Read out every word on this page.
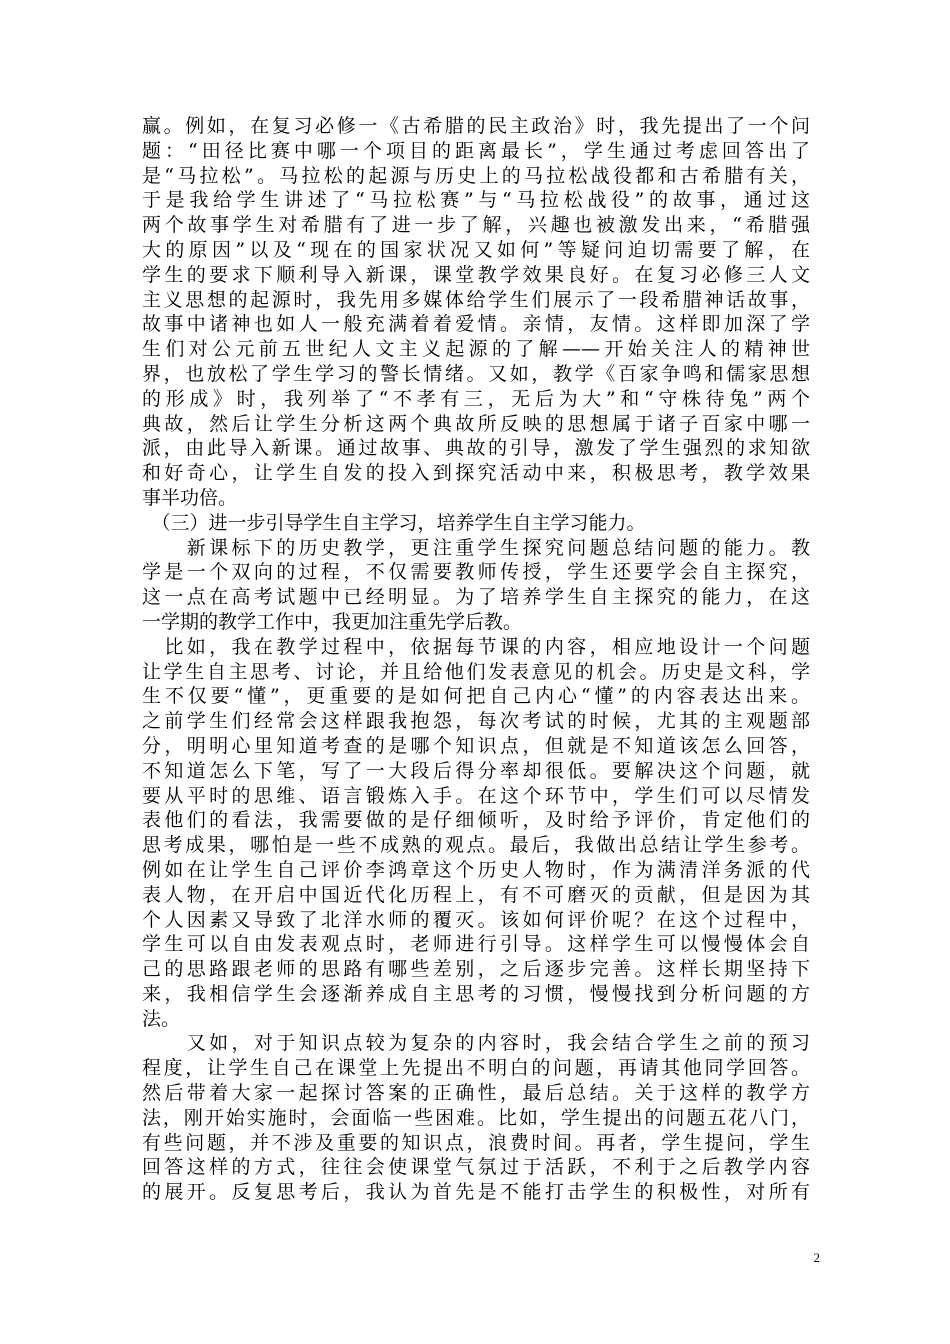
赢。例如，在复习必修一《古希腊的民主政治》时，我先提出了一个问
题：“田径比赛中哪一个项目的距离最长”，学生通过考虑回答出了
是“马拉松”。马拉松的起源与历史上的马拉松战役都和古希腊有关，
于是我给学生讲述了“马拉松赛”与“马拉松战役”的故事，通过这
两个故事学生对希腊有了进一步了解，兴趣也被激发出来，“希腊强
大的原因”以及“现在的国家状况又如何”等疑问迫切需要了解，在
学生的要求下顺利导入新课，课堂教学效果良好。在复习必修三人文
主义思想的起源时，我先用多媒体给学生们展示了一段希腊神话故事，
故事中诸神也如人一般充满着着爱情。亲情，友情。这样即加深了学
生们对公元前五世纪人文主义起源的了解——开始关注人的精神世
界，也放松了学生学习的警长情绪。又如，教学《百家争鸣和儒家思想
的形成》时，我列举了“不孝有三，无后为大”和“守株待兔”两个
典故，然后让学生分析这两个典故所反映的思想属于诸子百家中哪一
派，由此导入新课。通过故事、典故的引导，激发了学生强烈的求知欲
和好奇心，让学生自发的投入到探究活动中来，积极思考，教学效果
事半功倍。
　（三）进一步引导学生自主学习，培养学生自主学习能力。
　　新课标下的历史教学，更注重学生探究问题总结问题的能力。教
学是一个双向的过程，不仅需要教师传授，学生还要学会自主探究，
这一点在高考试题中已经明显。为了培养学生自主探究的能力，在这
一学期的教学工作中，我更加注重先学后教。
　比如，我在教学过程中，依据每节课的内容，相应地设计一个问题
让学生自主思考、讨论，并且给他们发表意见的机会。历史是文科，学
生不仅要“懂”，更重要的是如何把自己内心“懂”的内容表达出来。
之前学生们经常会这样跟我抱怨，每次考试的时候，尤其的主观题部
分，明明心里知道考查的是哪个知识点，但就是不知道该怎么回答，
不知道怎么下笔，写了一大段后得分率却很低。要解决这个问题，就
要从平时的思维、语言锻炼入手。在这个环节中，学生们可以尽情发
表他们的看法，我需要做的是仔细倾听，及时给予评价，肯定他们的
思考成果，哪怕是一些不成熟的观点。最后，我做出总结让学生参考。
例如在让学生自己评价李鸿章这个历史人物时，作为满清洋务派的代
表人物，在开启中国近代化历程上，有不可磨灭的贡献，但是因为其
个人因素又导致了北洋水师的覆灭。该如何评价呢？在这个过程中，
学生可以自由发表观点时，老师进行引导。这样学生可以慢慢体会自
己的思路跟老师的思路有哪些差别，之后逐步完善。这样长期坚持下
来，我相信学生会逐渐养成自主思考的习惯，慢慢找到分析问题的方
法。
　　又如，对于知识点较为复杂的内容时，我会结合学生之前的预习
程度，让学生自己在课堂上先提出不明白的问题，再请其他同学回答。
然后带着大家一起探讨答案的正确性，最后总结。关于这样的教学方
法，刚开始实施时，会面临一些困难。比如，学生提出的问题五花八门，
有些问题，并不涉及重要的知识点，浪费时间。再者，学生提问，学生
回答这样的方式，往往会使课堂气氛过于活跃，不利于之后教学内容
的展开。反复思考后，我认为首先是不能打击学生的积极性，对所有
2
